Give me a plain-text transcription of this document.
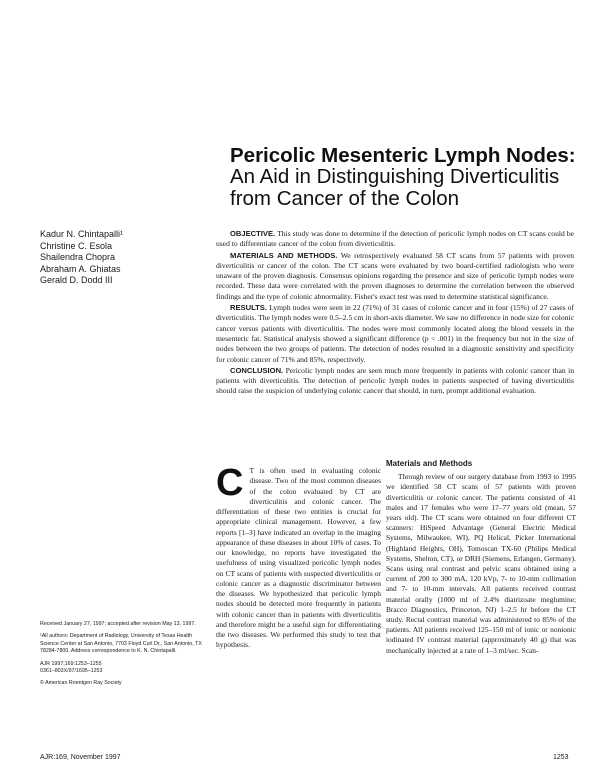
Pericolic Mesenteric Lymph Nodes:
An Aid in Distinguishing Diverticulitis
from Cancer of the Colon
Kadur N. Chintapalli¹
Christine C. Esola
Shailendra Chopra
Abraham A. Ghiatas
Gerald D. Dodd III

OBJECTIVE. This study was done to determine if the detection of pericolic lymph nodes on CT scans could be used to differentiate cancer of the colon from diverticulitis.

MATERIALS AND METHODS. We retrospectively evaluated 58 CT scans from 57 patients with proven diverticulitis or cancer of the colon. The CT scans were evaluated by two board-certified radiologists who were unaware of the proven diagnosis. Consensus opinions regarding the presence and size of pericolic lymph nodes were recorded. These data were correlated with the proven diagnoses to determine the correlation between the observed findings and the type of colonic abnormality. Fisher's exact test was used to determine statistical significance.

RESULTS. Lymph nodes were seen in 22 (71%) of 31 cases of colonic cancer and in four (15%) of 27 cases of diverticulitis. The lymph nodes were 0.5–2.5 cm in short-axis diameter. We saw no difference in node size for colonic cancer versus patients with diverticulitis. The nodes were most commonly located along the blood vessels in the mesenteric fat. Statistical analysis showed a significant difference (p < .001) in the frequency but not in the size of nodes between the two groups of patients. The detection of nodes resulted in a diagnostic sensitivity and specificity for colonic cancer of 71% and 85%, respectively.

CONCLUSION. Pericolic lymph nodes are seen much more frequently in patients with colonic cancer than in patients with diverticulitis. The detection of pericolic lymph nodes in patients suspected of having diverticulitis should raise the suspicion of underlying colonic cancer that should, in turn, prompt additional evaluation.

C T is often used in evaluating colonic disease. Two of the most common diseases of the colon evaluated by CT are diverticulitis and colonic cancer. The differentiation of these two entities is crucial for appropriate clinical management. However, a few reports [1–3] have indicated an overlap in the imaging appearance of these diseases in about 10% of cases. To our knowledge, no reports have investigated the usefulness of using visualized pericolic lymph nodes on CT scans of patients with suspected diverticulitis or colonic cancer as a diagnostic discriminator between the diseases. We hypothesized that pericolic lymph nodes should be detected more frequently in patients with colonic cancer than in patients with diverticulitis and therefore might be a useful sign for differentiating the two diseases. We performed this study to test that hypothesis.

Materials and Methods

Through review of our surgery database from 1993 to 1995 we identified 58 CT scans of 57 patients with proven diverticulitis or colonic cancer. The patients consisted of 41 males and 17 females who were 17–77 years old (mean, 57 years old). The CT scans were obtained on four different CT scanners: HiSpeed Advantage (General Electric Medical Systems, Milwaukee, WI), PQ Helical, Picker International (Highland Heights, OH), Tomoscan TX-60 (Philips Medical Systems, Shelton, CT), or DRH (Siemens, Erlangen, Germany). Scans using oral contrast and pelvic scans obtained using a current of 200 to 300 mA, 120 kVp, 7- to 10-mm collimation and 7- to 10-mm intervals. All patients received contrast material orally (1000 ml of 2.4% diatrizoate meglumine; Bracco Diagnostics, Princeton, NJ) 1–2.5 hr before the CT study. Rectal contrast material was administered to 85% of the patients. All patients received 125–150 ml of ionic or nonionic iodinated IV contrast material (approximately 40 g) that was mechanically injected at a rate of 1–3 ml/sec. Scan-

Received January 27, 1997; accepted after revision May 13, 1997.

¹All authors: Department of Radiology, University of Texas Health Science Center at San Antonio, 7703 Floyd Curl Dr., San Antonio, TX 78284-7800. Address correspondence to K. N. Chintapalli.

AJR 1997;169:1253–1255

0361–803X/97/1695–1253

© American Roentgen Ray Society

AJR:169, November 1997	1253
